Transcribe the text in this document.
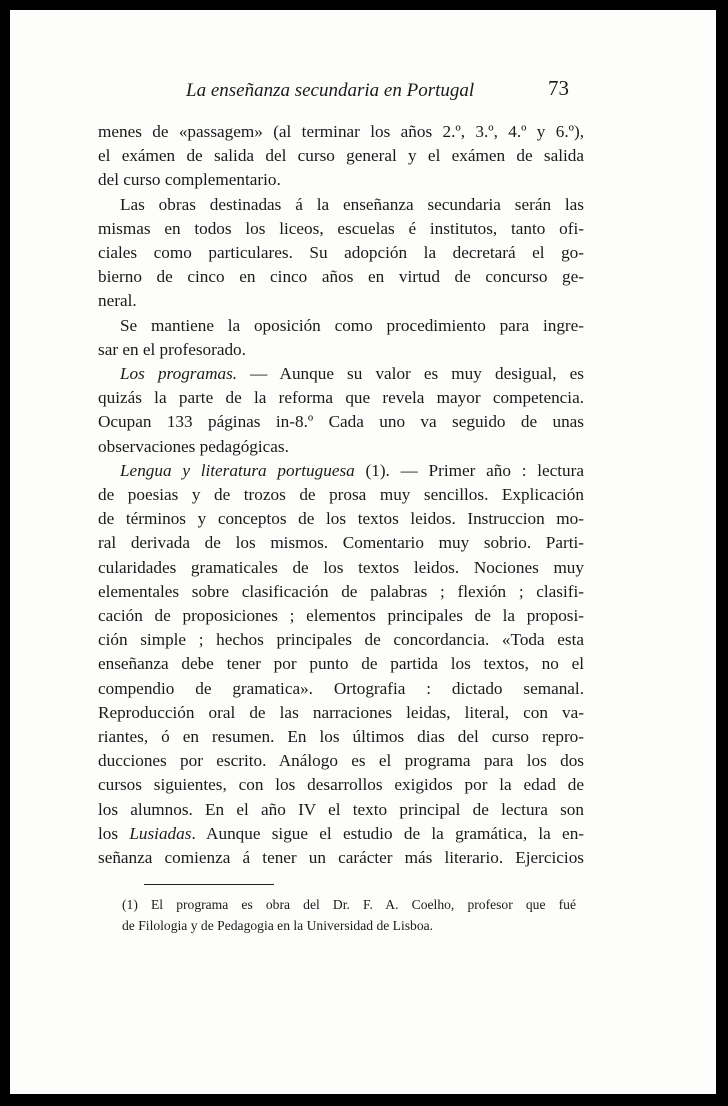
La enseñanza secundaria en Portugal	73
menes de «passagem» (al terminar los años 2.º, 3.º, 4.º y 6.º),
el exámen de salida del curso general y el exámen de salida
del curso complementario.
Las obras destinadas á la enseñanza secundaria serán las
mismas en todos los liceos, escuelas é institutos, tanto ofi-
ciales como particulares. Su adopción la decretará el go-
bierno de cinco en cinco años en virtud de concurso ge-
neral.
Se mantiene la oposición como procedimiento para ingre-
sar en el profesorado.
Los programas. — Aunque su valor es muy desigual, es
quizás la parte de la reforma que revela mayor competencia.
Ocupan 133 páginas in-8.º Cada uno va seguido de unas
observaciones pedagógicas.
Lengua y literatura portuguesa (1). — Primer año : lectura
de poesias y de trozos de prosa muy sencillos. Explicación
de términos y conceptos de los textos leidos. Instruccion mo-
ral derivada de los mismos. Comentario muy sobrio. Parti-
cularidades gramaticales de los textos leidos. Nociones muy
elementales sobre clasificación de palabras ; flexión ; clasifi-
cación de proposiciones ; elementos principales de la proposi-
ción simple ; hechos principales de concordancia. «Toda esta
enseñanza debe tener por punto de partida los textos, no el
compendio de gramatica». Ortografia : dictado semanal.
Reproducción oral de las narraciones leidas, literal, con va-
riantes, ó en resumen. En los últimos dias del curso repro-
ducciones por escrito. Análogo es el programa para los dos
cursos siguientes, con los desarrollos exigidos por la edad de
los alumnos. En el año IV el texto principal de lectura son
los Lusiadas. Aunque sigue el estudio de la gramática, la en-
señanza comienza á tener un carácter más literario. Ejercicios
(1) El programa es obra del Dr. F. A. Coelho, profesor que fué
de Filologia y de Pedagogia en la Universidad de Lisboa.
